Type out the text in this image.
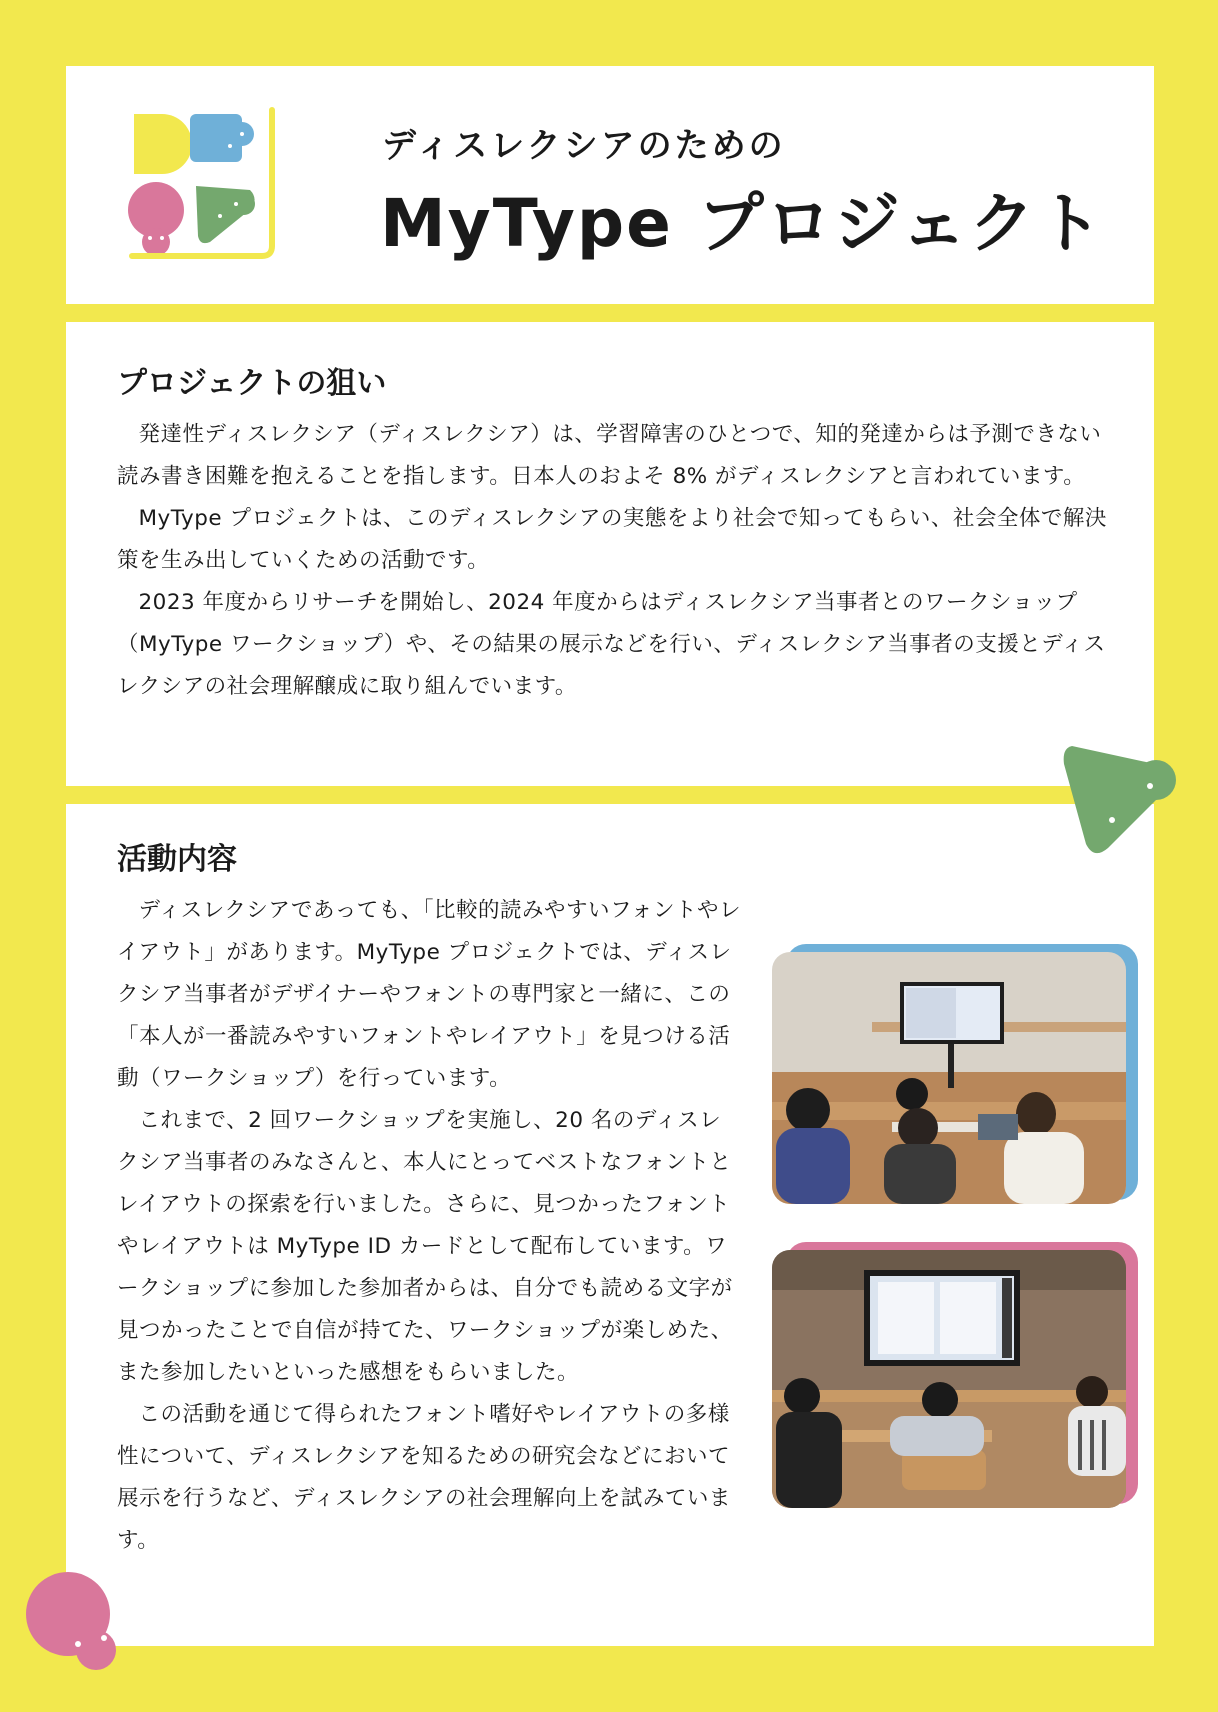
ディスレクシアのための
MyType プロジェクト
プロジェクトの狙い

発達性ディスレクシア（ディスレクシア）は、学習障害のひとつで、知的発達からは予測できない読み書き困難を抱えることを指します。日本人のおよそ 8% がディスレクシアと言われています。

MyType プロジェクトは、このディスレクシアの実態をより社会で知ってもらい、社会全体で解決策を生み出していくための活動です。

2023 年度からリサーチを開始し、2024 年度からはディスレクシア当事者とのワークショップ（MyType ワークショップ）や、その結果の展示などを行い、ディスレクシア当事者の支援とディスレクシアの社会理解醸成に取り組んでいます。

活動内容

ディスレクシアであっても、「比較的読みやすいフォントやレイアウト」があります。MyType プロジェクトでは、ディスレクシア当事者がデザイナーやフォントの専門家と一緒に、この「本人が一番読みやすいフォントやレイアウト」を見つける活動（ワークショップ）を行っています。

これまで、2 回ワークショップを実施し、20 名のディスレクシア当事者のみなさんと、本人にとってベストなフォントとレイアウトの探索を行いました。さらに、見つかったフォントやレイアウトは MyType ID カードとして配布しています。ワークショップに参加した参加者からは、自分でも読める文字が見つかったことで自信が持てた、ワークショップが楽しめた、また参加したいといった感想をもらいました。

この活動を通じて得られたフォント嗜好やレイアウトの多様性について、ディスレクシアを知るための研究会などにおいて展示を行うなど、ディスレクシアの社会理解向上を試みています。
